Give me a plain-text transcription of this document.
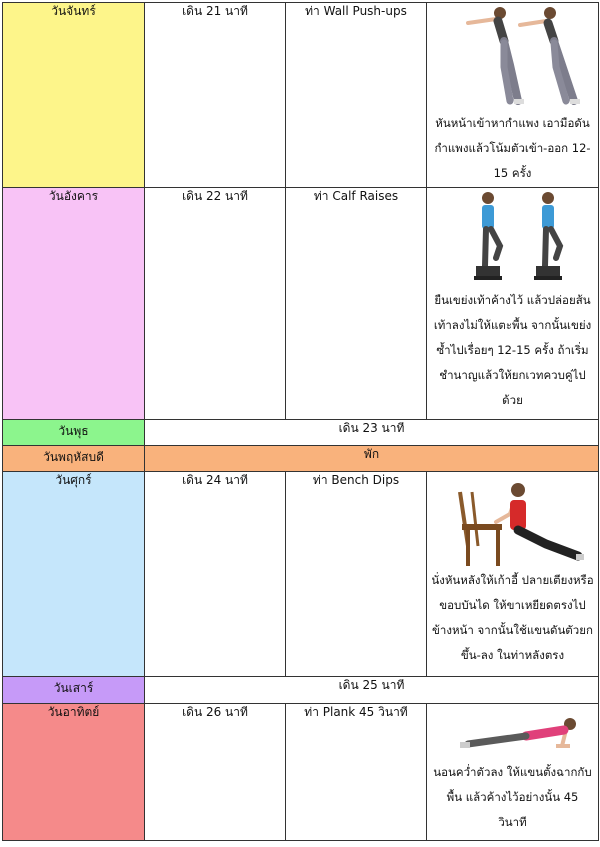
วันจันทร์	เดิน 21 นาที	ท่า Wall Push-ups	หันหน้าเข้าหากำแพง เอามือดันกำแพงแล้วโน้มตัวเข้า-ออก 12-15 ครั้ง

วันอังคาร	เดิน 22 นาที	ท่า Calf Raises	ยืนเขย่งเท้าค้างไว้ แล้วปล่อยส้นเท้าลงไม่ให้แตะพื้น จากนั้นเขย่งซ้ำไปเรื่อยๆ 12-15 ครั้ง ถ้าเริ่มชำนาญแล้วให้ยกเวทควบคู่ไปด้วย

วันพุธ	เดิน 23 นาที		
วันพฤหัสบดี	พัก		
วันศุกร์	เดิน 24 นาที	ท่า Bench Dips	นั่งหันหลังให้เก้าอี้ ปลายเตียงหรือขอบบันได ให้ขาเหยียดตรงไปข้างหน้า จากนั้นใช้แขนดันตัวยกขึ้น-ลง ในท่าหลังตรง

วันเสาร์	เดิน 25 นาที		
วันอาทิตย์	เดิน 26 นาที	ท่า Plank 45 วินาที	นอนคว่ำตัวลง ให้แขนตั้งฉากกับพื้น แล้วค้างไว้อย่างนั้น 45 วินาที
